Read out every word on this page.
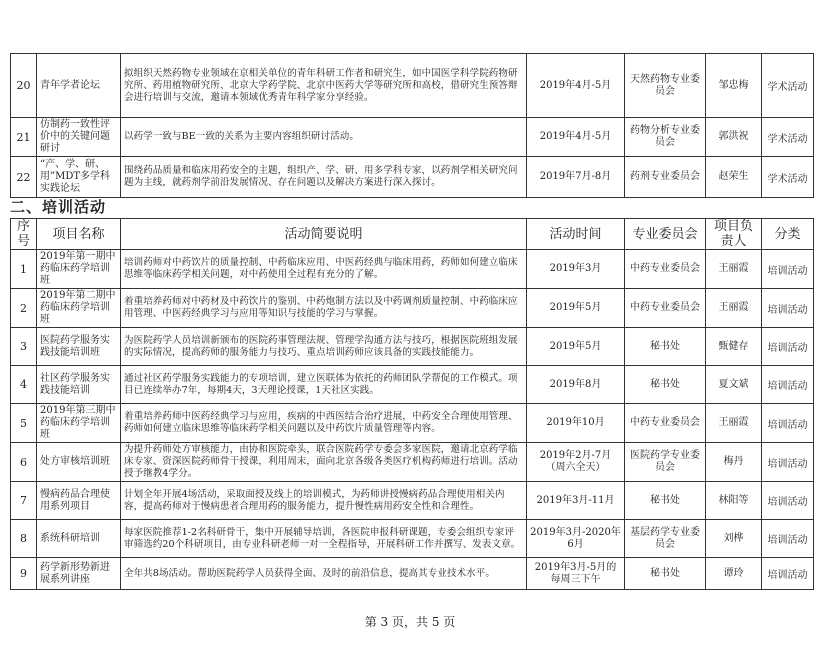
20	青年学者论坛	拟组织天然药物专业领域在京相关单位的青年科研工作者和研究生，如中国医学科学院药物研究所、药用植物研究所、北京大学药学院、北京中医药大学等研究所和高校，借研究生预答辩会进行培训与交流，邀请本领域优秀青年科学家分享经验。	2019年4月-5月	天然药物专业委员会	邹忠梅	学术活动
21	仿制药一致性评价中的关键问题研讨	以药学一致与BE一致的关系为主要内容组织研讨活动。	2019年4月-5月	药物分析专业委员会	郭洪祝	学术活动
22	“产、学、研、用”MDT多学科实践论坛	围绕药品质量和临床用药安全的主题，组织产、学、研、用多学科专家，以药剂学相关研究问题为主线，就药剂学前沿发展情况、存在问题以及解决方案进行深入探讨。	2019年7月-8月	药剂专业委员会	赵荣生	学术活动
二、培训活动
序号	项目名称	活动简要说明	活动时间	专业委员会	项目负责人	分类
1	2019年第一期中药临床药学培训班	培训药师对中药饮片的质量控制、中药临床应用、中医药经典与临床用药，药师如何建立临床思维等临床药学相关问题，对中药使用全过程有充分的了解。	2019年3月	中药专业委员会	王丽霞	培训活动
2	2019年第二期中药临床药学培训班	着重培养药师对中药材及中药饮片的鉴别、中药炮制方法以及中药调剂质量控制、中药临床应用管理、中医药经典学习与应用等知识与技能的学习与掌握。	2019年5月	中药专业委员会	王丽霞	培训活动
3	医院药学服务实践技能培训班	为医院药学人员培训新颁布的医院药事管理法规、管理学沟通方法与技巧，根据医院班组发展的实际情况，提高药师的服务能力与技巧、重点培训药师应该具备的实践技能能力。	2019年5月	秘书处	甄健存	培训活动
4	社区药学服务实践技能培训	通过社区药学服务实践能力的专项培训，建立医联体为依托的药师团队学帮促的工作模式。项目已连续举办7年，每期4天，3天理论授课，1天社区实践。	2019年8月	秘书处	夏文斌	培训活动
5	2019年第三期中药临床药学培训班	着重培养药师中医药经典学习与应用，疾病的中西医结合治疗进展，中药安全合理使用管理、药师如何建立临床思维等临床药学相关问题以及中药饮片质量管理等内容。	2019年10月	中药专业委员会	王丽霞	培训活动
6	处方审核培训班	为提升药师处方审核能力，由协和医院牵头，联合医院药学专委会多家医院，邀请北京药学临床专家、资深医院药师骨干授课，利用周末，面向北京各级各类医疗机构药师进行培训。活动授予继教4学分。	2019年2月-7月（周六全天）	医院药学专业委员会	梅丹	培训活动
7	慢病药品合理使用系列项目	计划全年开展4场活动，采取面授及线上的培训模式，为药师讲授慢病药品合理使用相关内容，提高药师对于慢病患者合理用药的服务能力，提升慢性病用药安全性和合理性。	2019年3月-11月	秘书处	林阳等	培训活动
8	系统科研培训	每家医院推荐1-2名科研骨干，集中开展辅导培训，各医院申报科研课题，专委会组织专家评审筛选约20个科研项目，由专业科研老师一对一全程指导，开展科研工作并撰写、发表文章。	2019年3月-2020年6月	基层药学专业委员会	刘桦	培训活动
9	药学新形势新进展系列讲座	全年共8场活动。帮助医院药学人员获得全面、及时的前沿信息，提高其专业技术水平。	2019年3月-5月的每周三下午	秘书处	谭玲	培训活动
第 3 页，共 5 页
